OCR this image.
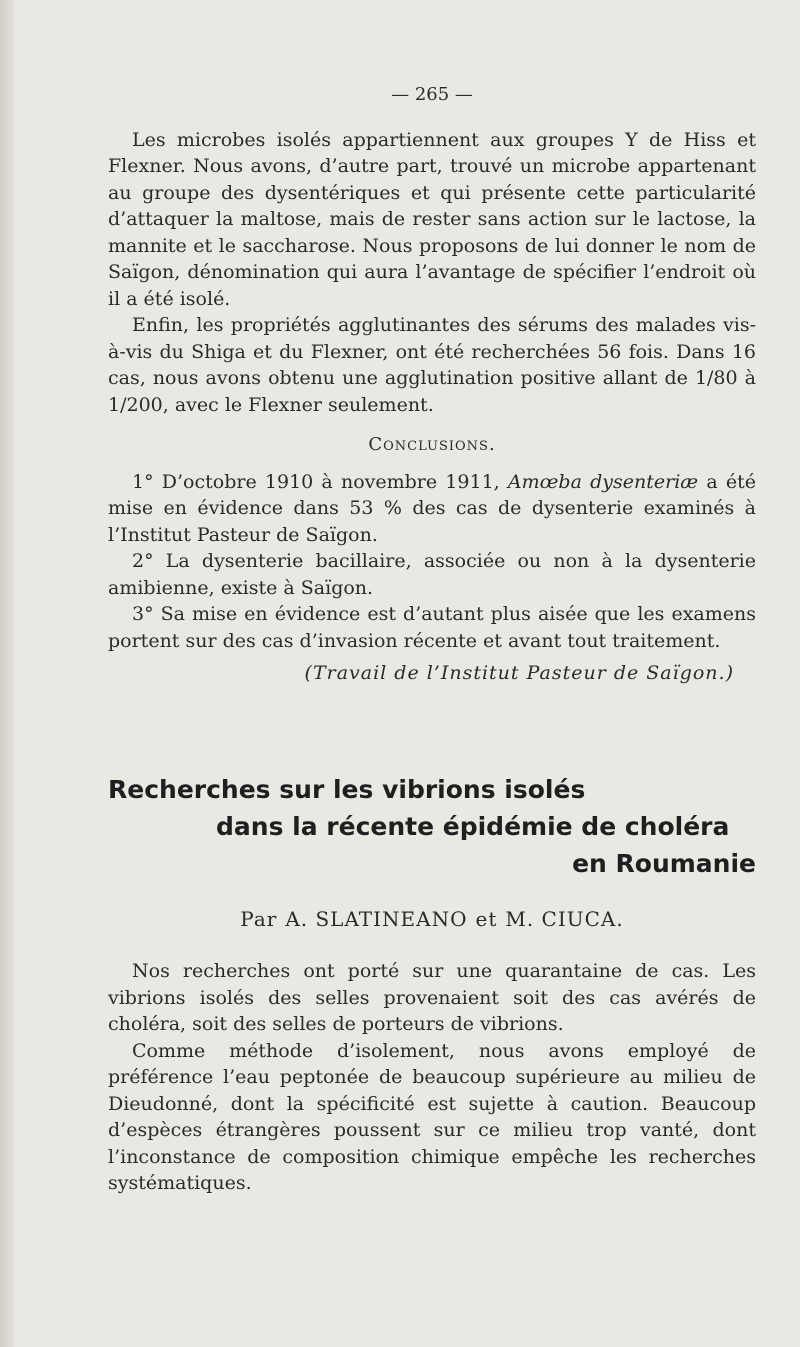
— 265 —

Les microbes isolés appartiennent aux groupes Y de Hiss et Flexner. Nous avons, d’autre part, trouvé un microbe appartenant au groupe des dysentériques et qui présente cette particularité d’attaquer la maltose, mais de rester sans action sur le lactose, la mannite et le saccharose. Nous proposons de lui donner le nom de Saïgon, dénomination qui aura l’avantage de spécifier l’endroit où il a été isolé.

Enfin, les propriétés agglutinantes des sérums des malades vis-à-vis du Shiga et du Flexner, ont été recherchées 56 fois. Dans 16 cas, nous avons obtenu une agglutination positive allant de 1/80 à 1/200, avec le Flexner seulement.

Conclusions.

1° D’octobre 1910 à novembre 1911, Amœba dysenteriæ a été mise en évidence dans 53 % des cas de dysenterie examinés à l’Institut Pasteur de Saïgon.

2° La dysenterie bacillaire, associée ou non à la dysenterie amibienne, existe à Saïgon.

3° Sa mise en évidence est d’autant plus aisée que les examens portent sur des cas d’invasion récente et avant tout traitement.

(Travail de l’Institut Pasteur de Saïgon.)
Recherches sur les vibrions isolés
dans la récente épidémie de choléra
en Roumanie
Par A. SLATINEANO et M. CIUCA.

Nos recherches ont porté sur une quarantaine de cas. Les vibrions isolés des selles provenaient soit des cas avérés de choléra, soit des selles de porteurs de vibrions.

Comme méthode d’isolement, nous avons employé de préférence l’eau peptonée de beaucoup supérieure au milieu de Dieudonné, dont la spécificité est sujette à caution. Beaucoup d’espèces étrangères poussent sur ce milieu trop vanté, dont l’inconstance de composition chimique empêche les recherches systématiques.
